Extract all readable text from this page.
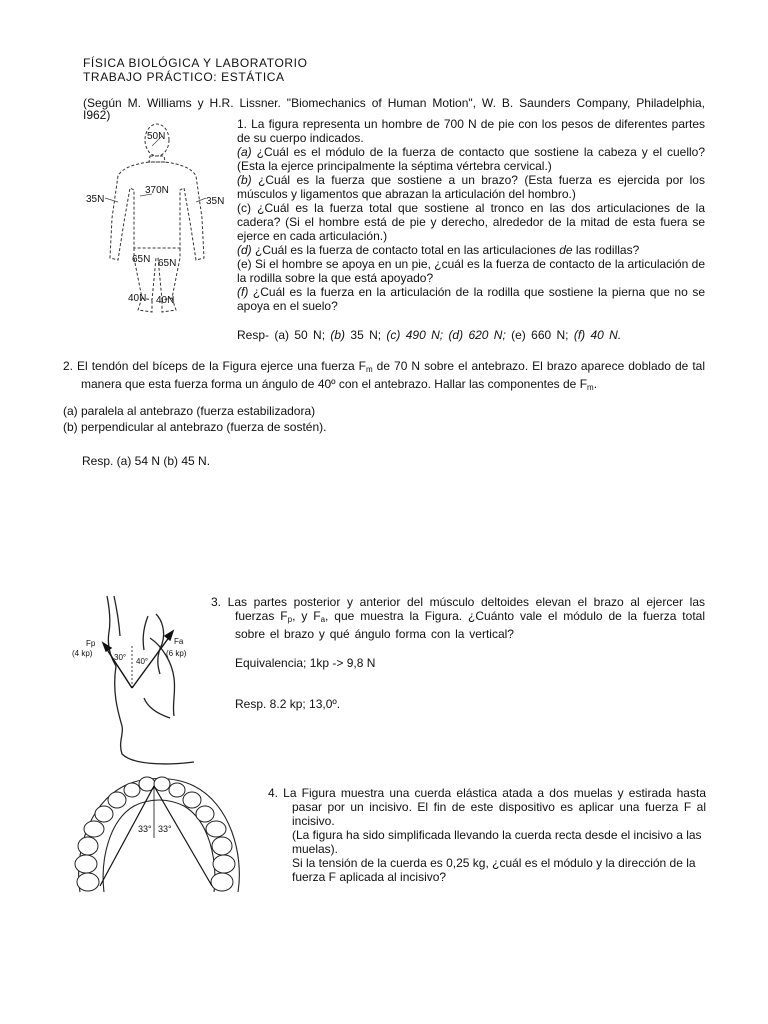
FÍSICA BIOLÓGICA Y LABORATORIO
TRABAJO PRÁCTICO: ESTÁTICA
(Según M. Williams y H.R. Lissner. "Biomechanics of Human Motion", W. B. Saunders Company, Philadelphia, I962)
50N
370N
35N	35N
65N 65N
40N 40N

1. La figura representa un hombre de 700 N de pie con los pesos de diferentes partes de su cuerpo indicados.

(a) ¿Cuál es el módulo de la fuerza de contacto que sostiene la cabeza y el cuello? (Esta la ejerce principalmente la séptima vértebra cervical.)

(b) ¿Cuál es la fuerza que sostiene a un brazo? (Esta fuerza es ejercida por los músculos y ligamentos que abrazan la articulación del hombro.)

(c) ¿Cuál es la fuerza total que sostiene al tronco en las dos articulaciones de la cadera? (Si el hombre está de pie y derecho, alrededor de la mitad de esta fuera se ejerce en cada articulación.)

(d) ¿Cuál es la fuerza de contacto total en las articulaciones de las rodillas?

(e) Si el hombre se apoya en un pie, ¿cuál es la fuerza de contacto de la articulación de la rodilla sobre la que está apoyado?

(f) ¿Cuál es la fuerza en la articulación de la rodilla que sostiene la pierna que no se apoya en el suelo?

Resp- (a) 50 N; (b) 35 N; (c) 490 N; (d) 620 N; (e) 660 N; (f) 40 N.
2. El tendón del bíceps de la Figura ejerce una fuerza $F_m$ de 70 N sobre el antebrazo. El brazo aparece doblado de tal manera que esta fuerza forma un ángulo de 40º con el antebrazo. Hallar las componentes de $F_m$.
(a) paralela al antebrazo (fuerza estabilizadora)
(b) perpendicular al antebrazo (fuerza de sostén).
Resp. (a) 54 N (b) 45 N.
Fp
(4 kp)
Fa
(6 kp)
30° 40°
3. Las partes posterior y anterior del músculo deltoides elevan el brazo al ejercer las fuerzas $F_p$, y $F_a$, que muestra la Figura. ¿Cuánto vale el módulo de la fuerza total sobre el brazo y qué ángulo forma con la vertical?
Equivalencia; 1kp -> 9,8 N
Resp. 8.2 kp; 13,0º.
33° 33°
4. La Figura muestra una cuerda elástica atada a dos muelas y estirada hasta pasar por un incisivo. El fin de este dispositivo es aplicar una fuerza F al incisivo.
(La figura ha sido simplificada llevando la cuerda recta desde el incisivo a las muelas).
Si la tensión de la cuerda es 0,25 kg, ¿cuál es el módulo y la dirección de la fuerza F aplicada al incisivo?
